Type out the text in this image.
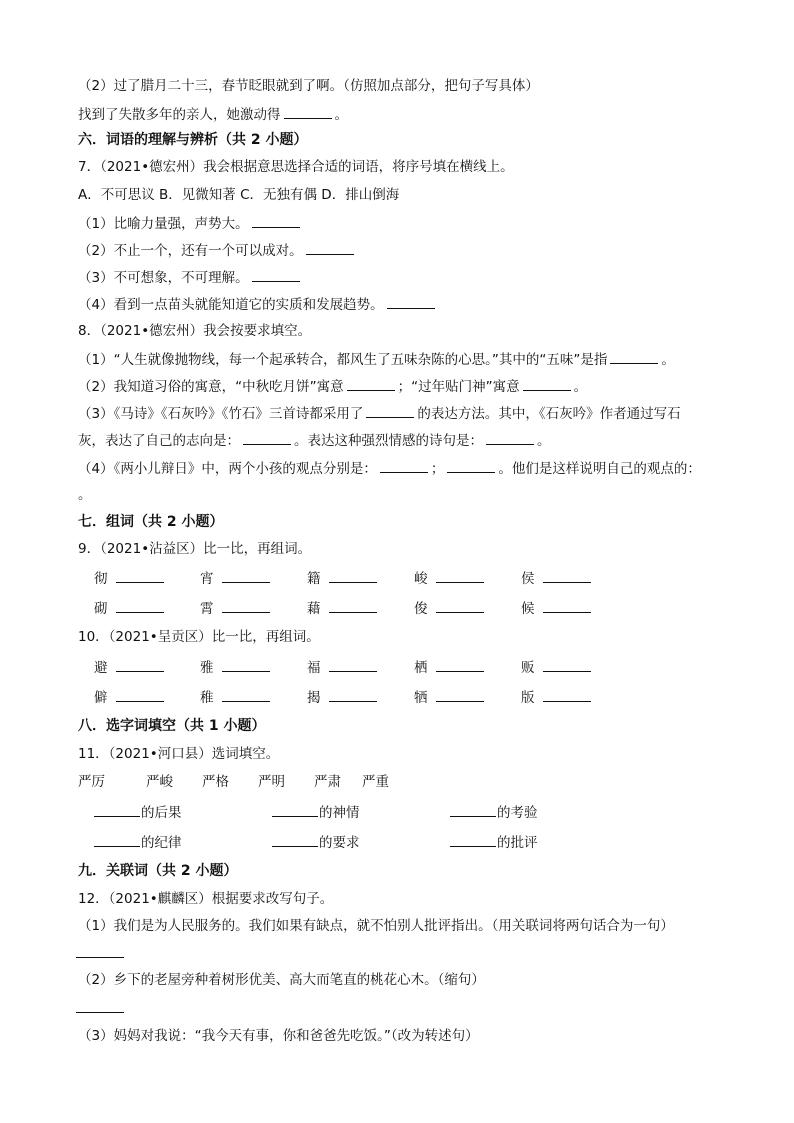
（2）过了腊月二十三，春节眨眼就到了啊。（仿照加点部分，把句子写具体）
找到了失散多年的亲人，她激动得	。
六．词语的理解与辨析（共 2 小题）
7．（2021•德宏州）我会根据意思选择合适的词语，将序号填在横线上。
A．不可思议 B．见微知著 C．无独有偶 D．排山倒海
（1）比喻力量强，声势大。
（2）不止一个，还有一个可以成对。
（3）不可想象，不可理解。
（4）看到一点苗头就能知道它的实质和发展趋势。
8．（2021•德宏州）我会按要求填空。
（1）“人生就像抛物线，每一个起承转合，都风生了五味杂陈的心思。”其中的“五味”是指	。
（2）我知道习俗的寓意，“中秋吃月饼”寓意	；“过年贴门神”寓意	。
（3）《马诗》《石灰吟》《竹石》三首诗都采用了	的表达方法。其中，《石灰吟》作者通过写石
灰，表达了自己的志向是：	。表达这种强烈情感的诗句是：	。
（4）《两小儿辩日》中，两个小孩的观点分别是：	；	。他们是这样说明自己的观点的：
。
七．组词（共 2 小题）
9．（2021•沾益区）比一比，再组词。
彻	宵	籍	峻	侯
砌	霄	藉	俊	候
10．（2021•呈贡区）比一比，再组词。
避	雅	福	栖	贩
僻	稚	揭	牺	版
八．选字词填空（共 1 小题）
11．（2021•河口县）选词填空。
严厉	严峻 严格 严明 严肃 严重
的后果	的神情	的考验
的纪律	的要求	的批评
九．关联词（共 2 小题）
12．（2021•麒麟区）根据要求改写句子。
（1）我们是为人民服务的。我们如果有缺点，就不怕别人批评指出。（用关联词将两句话合为一句）
（2）乡下的老屋旁种着树形优美、高大而笔直的桃花心木。（缩句）
（3）妈妈对我说：“我今天有事，你和爸爸先吃饭。”（改为转述句）
